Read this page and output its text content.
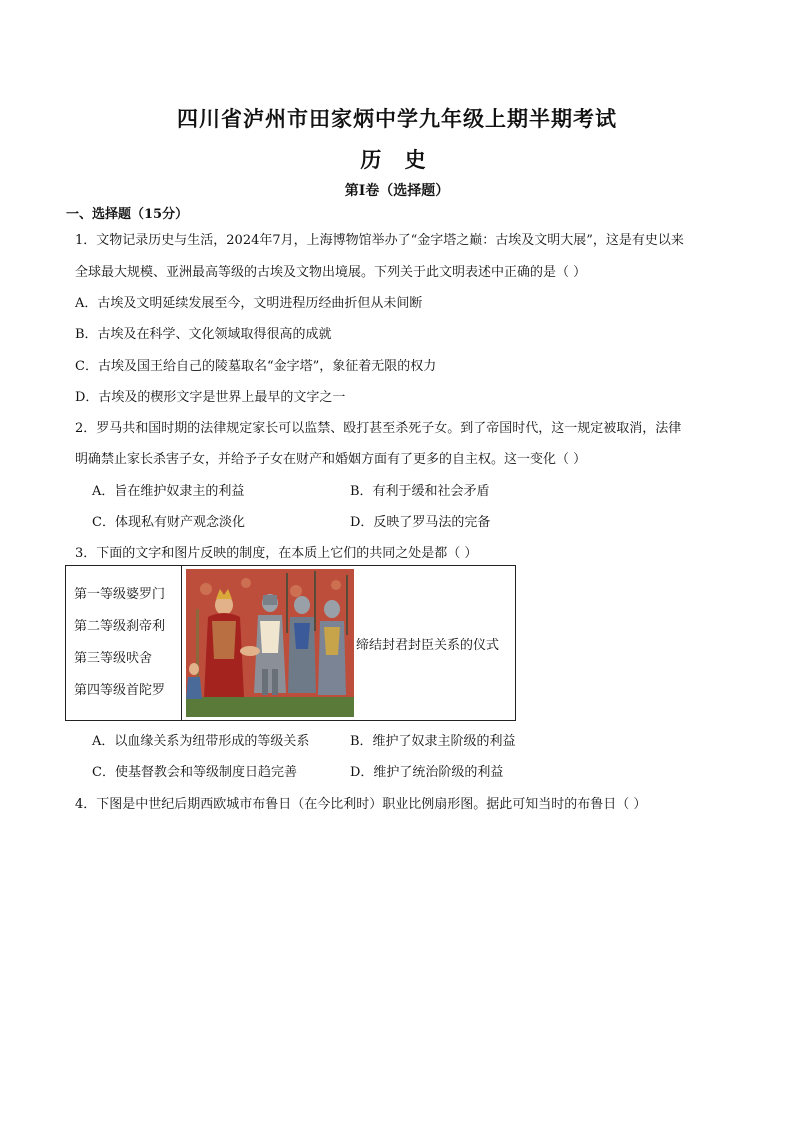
四川省泸州市田家炳中学九年级上期半期考试
历 史
第Ⅰ卷（选择题）
一、选择题（15分）
1．文物记录历史与生活，2024年7月，上海博物馆举办了“金字塔之巅：古埃及文明大展”，这是有史以来
全球最大规模、亚洲最高等级的古埃及文物出境展。下列关于此文明表述中正确的是（ ）
A．古埃及文明延续发展至今，文明进程历经曲折但从未间断
B．古埃及在科学、文化领域取得很高的成就
C．古埃及国王给自己的陵墓取名“金字塔”，象征着无限的权力
D．古埃及的楔形文字是世界上最早的文字之一
2．罗马共和国时期的法律规定家长可以监禁、殴打甚至杀死子女。到了帝国时代，这一规定被取消，法律
明确禁止家长杀害子女，并给予子女在财产和婚姻方面有了更多的自主权。这一变化（ ）
A．旨在维护奴隶主的利益	B．有利于缓和社会矛盾
C．体现私有财产观念淡化	D．反映了罗马法的完备
3．下面的文字和图片反映的制度，在本质上它们的共同之处是都（ ）
第一等级婆罗门
第二等级刹帝利
第三等级吠舍
第四等级首陀罗
缔结封君封臣关系的仪式
A．以血缘关系为纽带形成的等级关系	B．维护了奴隶主阶级的利益
C．使基督教会和等级制度日趋完善	D．维护了统治阶级的利益
4．下图是中世纪后期西欧城市布鲁日（在今比利时）职业比例扇形图。据此可知当时的布鲁日（ ）
